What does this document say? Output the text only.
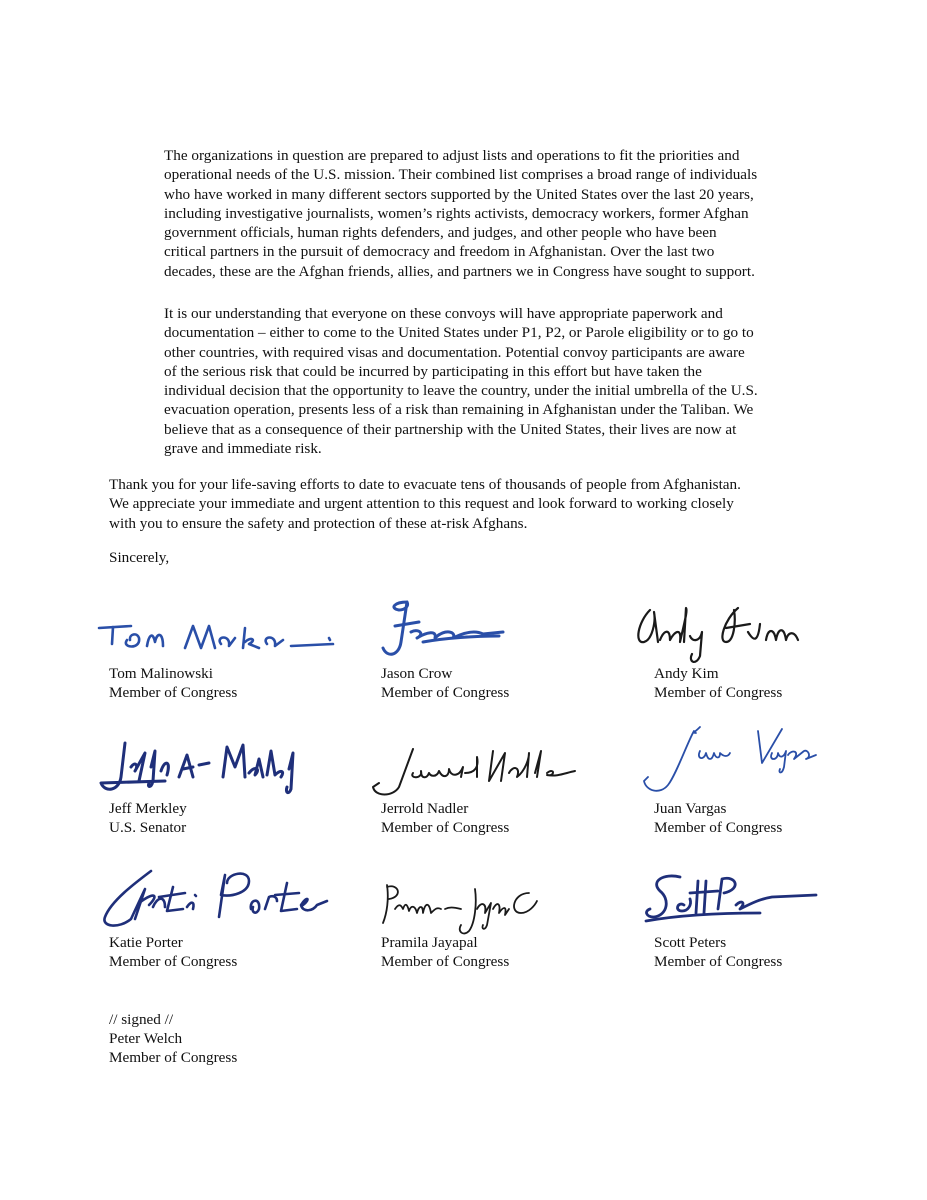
The organizations in question are prepared to adjust lists and operations to fit the priorities and
operational needs of the U.S. mission. Their combined list comprises a broad range of individuals
who have worked in many different sectors supported by the United States over the last 20 years,
including investigative journalists, women’s rights activists, democracy workers, former Afghan
government officials, human rights defenders, and judges, and other people who have been
critical partners in the pursuit of democracy and freedom in Afghanistan. Over the last two
decades, these are the Afghan friends, allies, and partners we in Congress have sought to support.

It is our understanding that everyone on these convoys will have appropriate paperwork and
documentation – either to come to the United States under P1, P2, or Parole eligibility or to go to
other countries, with required visas and documentation. Potential convoy participants are aware
of the serious risk that could be incurred by participating in this effort but have taken the
individual decision that the opportunity to leave the country, under the initial umbrella of the U.S.
evacuation operation, presents less of a risk than remaining in Afghanistan under the Taliban. We
believe that as a consequence of their partnership with the United States, their lives are now at
grave and immediate risk.

Thank you for your life-saving efforts to date to evacuate tens of thousands of people from Afghanistan.
We appreciate your immediate and urgent attention to this request and look forward to working closely
with you to ensure the safety and protection of these at-risk Afghans.

Sincerely,

Tom Malinowski
Member of Congress
Jason Crow
Member of Congress
Andy Kim
Member of Congress
Jeff Merkley
U.S. Senator
Jerrold Nadler
Member of Congress
Juan Vargas
Member of Congress
Katie Porter
Member of Congress
Pramila Jayapal
Member of Congress
Scott Peters
Member of Congress
// signed //
Peter Welch
Member of Congress
